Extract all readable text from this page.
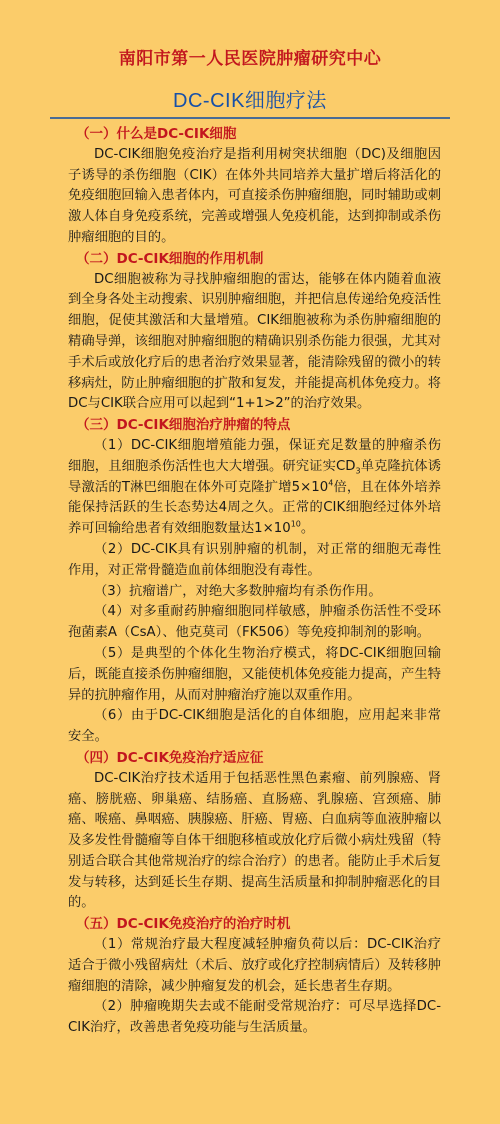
南阳市第一人民医院肿瘤研究中心
DC-CIK细胞疗法
（一）什么是DC-CIK细胞

DC-CIK细胞免疫治疗是指利用树突状细胞（DC)及细胞因子诱导的杀伤细胞（CIK）在体外共同培养大量扩增后将活化的免疫细胞回输入患者体内，可直接杀伤肿瘤细胞，同时辅助或刺激人体自身免疫系统，完善或增强人免疫机能，达到抑制或杀伤肿瘤细胞的目的。

（二）DC-CIK细胞的作用机制

DC细胞被称为寻找肿瘤细胞的雷达，能够在体内随着血液到全身各处主动搜索、识别肿瘤细胞，并把信息传递给免疫活性细胞，促使其激活和大量增殖。CIK细胞被称为杀伤肿瘤细胞的精确导弹，该细胞对肿瘤细胞的精确识别杀伤能力很强，尤其对手术后或放化疗后的患者治疗效果显著，能清除残留的微小的转移病灶，防止肿瘤细胞的扩散和复发，并能提高机体免疫力。将DC与CIK联合应用可以起到“1+1>2”的治疗效果。

（三）DC-CIK细胞治疗肿瘤的特点

（1）DC-CIK细胞增殖能力强，保证充足数量的肿瘤杀伤细胞，且细胞杀伤活性也大大增强。研究证实$CD_3$单克隆抗体诱导激活的T淋巴细胞在体外可克隆扩增$5\times 10^4$倍，且在体外培养能保持活跃的生长态势达4周之久。正常的CIK细胞经过体外培养可回输给患者有效细胞数量达$1\times 10^{10}$。

（2）DC-CIK具有识别肿瘤的机制，对正常的细胞无毒性作用，对正常骨髓造血前体细胞没有毒性。

（3）抗瘤谱广，对绝大多数肿瘤均有杀伤作用。

（4）对多重耐药肿瘤细胞同样敏感，肿瘤杀伤活性不受环孢菌素A（CsA）、他克莫司（FK506）等免疫抑制剂的影响。

（5）是典型的个体化生物治疗模式，将DC-CIK细胞回输后，既能直接杀伤肿瘤细胞，又能使机体免疫能力提高，产生特异的抗肿瘤作用，从而对肿瘤治疗施以双重作用。

（6）由于DC-CIK细胞是活化的自体细胞，应用起来非常安全。

（四）DC-CIK免疫治疗适应征

DC-CIK治疗技术适用于包括恶性黑色素瘤、前列腺癌、肾癌、膀胱癌、卵巢癌、结肠癌、直肠癌、乳腺癌、宫颈癌、肺癌、喉癌、鼻咽癌、胰腺癌、肝癌、胃癌、白血病等血液肿瘤以及多发性骨髓瘤等自体干细胞移植或放化疗后微小病灶残留（特别适合联合其他常规治疗的综合治疗）的患者。能防止手术后复发与转移，达到延长生存期、提高生活质量和抑制肿瘤恶化的目的。

（五）DC-CIK免疫治疗的治疗时机

（1）常规治疗最大程度减轻肿瘤负荷以后：DC-CIK治疗适合于微小残留病灶（术后、放疗或化疗控制病情后）及转移肿瘤细胞的清除，减少肿瘤复发的机会，延长患者生存期。

（2）肿瘤晚期失去或不能耐受常规治疗：可尽早选择DC-CIK治疗，改善患者免疫功能与生活质量。
